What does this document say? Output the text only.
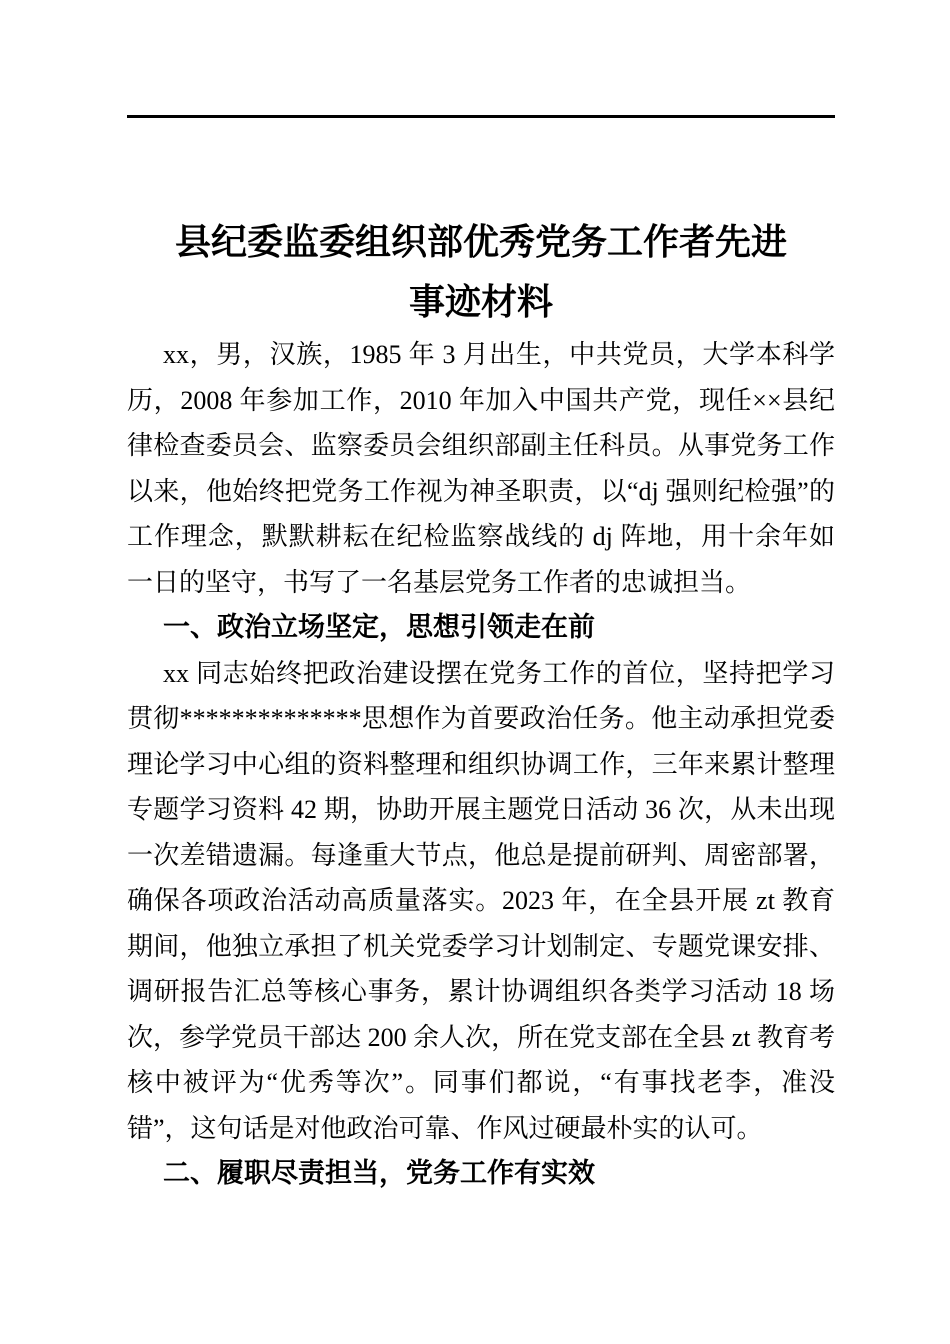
县纪委监委组织部优秀党务工作者先进
事迹材料

xx，男，汉族，1985 年 3 月出生，中共党员，大学本科学历，2008 年参加工作，2010 年加入中国共产党，现任××县纪律检查委员会、监察委员会组织部副主任科员。从事党务工作以来，他始终把党务工作视为神圣职责，以“dj 强则纪检强”的工作理念，默默耕耘在纪检监察战线的 dj 阵地，用十余年如一日的坚守，书写了一名基层党务工作者的忠诚担当。

一、政治立场坚定，思想引领走在前

xx 同志始终把政治建设摆在党务工作的首位，坚持把学习贯彻**************思想作为首要政治任务。他主动承担党委理论学习中心组的资料整理和组织协调工作，三年来累计整理专题学习资料 42 期，协助开展主题党日活动 36 次，从未出现一次差错遗漏。每逢重大节点，他总是提前研判、周密部署，确保各项政治活动高质量落实。2023 年，在全县开展 zt 教育期间，他独立承担了机关党委学习计划制定、专题党课安排、调研报告汇总等核心事务，累计协调组织各类学习活动 18 场次，参学党员干部达 200 余人次，所在党支部在全县 zt 教育考核中被评为“优秀等次”。同事们都说，“有事找老李，准没错”，这句话是对他政治可靠、作风过硬最朴实的认可。

二、履职尽责担当，党务工作有实效
